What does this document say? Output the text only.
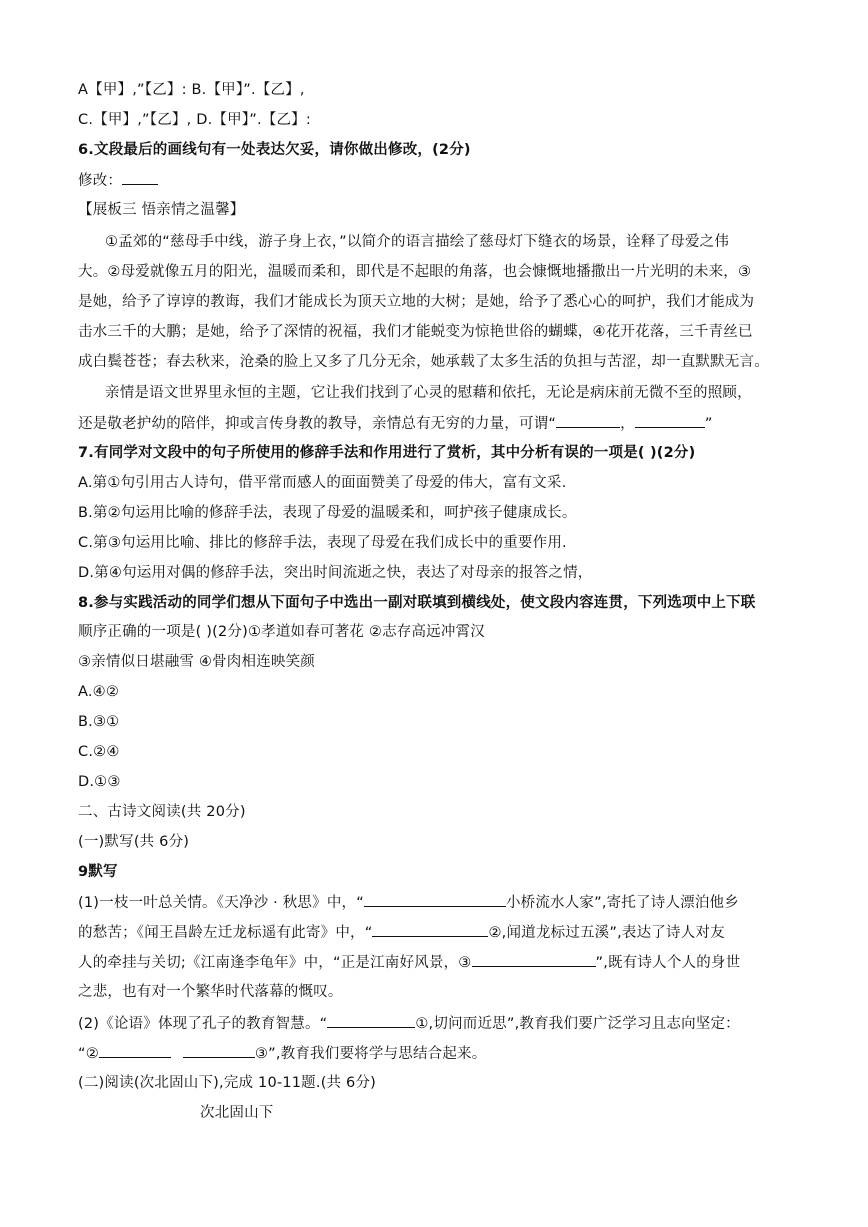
A【甲】,”【乙】: B.【甲】”.【乙】,
C.【甲】,”【乙】, D.【甲】”.【乙】:
6.文段最后的画线句有一处表达欠妥，请你做出修改，(2分)
修改：
【展板三 悟亲情之温馨】
①孟郊的“慈母手中线，游子身上衣，”以简介的语言描绘了慈母灯下缝衣的场景，诠释了母爱之伟
大。②母爱就像五月的阳光，温暖而柔和，即代是不起眼的角落，也会慷慨地播撒出一片光明的未来，③
是她，给予了谆谆的教诲，我们才能成长为顶天立地的大树；是她，给予了悉心心的呵护，我们才能成为
击水三千的大鹏；是她，给予了深情的祝福，我们才能蜕变为惊艳世俗的蝴蝶，④花开花落，三千青丝已
成白鬓苍苍；春去秋来，沧桑的脸上又多了几分无余，她承载了太多生活的负担与苦涩，却一直默默无言。
亲情是语文世界里永恒的主题，它让我们找到了心灵的慰藉和依托，无论是病床前无微不至的照顾，
还是敬老护幼的陪伴，抑或言传身教的教导，亲情总有无穷的力量，可谓“	，	”
7.有同学对文段中的句子所使用的修辞手法和作用进行了赏析，其中分析有误的一项是( )(2分)
A.第①句引用古人诗句，借平常而感人的面面赞美了母爱的伟大，富有文采.
B.第②句运用比喻的修辞手法，表现了母爱的温暖柔和，呵护孩子健康成长。
C.第③句运用比喻、排比的修辞手法，表现了母爱在我们成长中的重要作用.
D.第④句运用对偶的修辞手法，突出时间流逝之快，表达了对母亲的报答之情，
8.参与实践活动的同学们想从下面句子中选出一副对联填到横线处，使文段内容连贯，下列选项中上下联
顺序正确的一项是( )(2分)①孝道如春可著花 ②志存高远冲霄汉
③亲情似日堪融雪 ④骨肉相连映笑颜
A.④②
B.③①
C.②④
D.①③
二、古诗文阅读(共 20分)
(一)默写(共 6分)
9默写
(1)一枝一叶总关情。《天净沙 · 秋思》中，“	小桥流水人家”,寄托了诗人漂泊他乡
的愁苦；《闻王昌龄左迁龙标遥有此寄》中，“	②,闻道龙标过五溪”,表达了诗人对友
人的牵挂与关切;《江南逢李龟年》中，“正是江南好风景，③	”,既有诗人个人的身世
之悲，也有对一个繁华时代落幕的慨叹。
(2)《论语》体现了孔子的教育智慧。“	①,切问而近思”,教育我们要广泛学习且志向坚定：
“②	③”,教育我们要将学与思结合起来。
(二)阅读(次北固山下),完成 10-11题.(共 6分)
次北固山下
